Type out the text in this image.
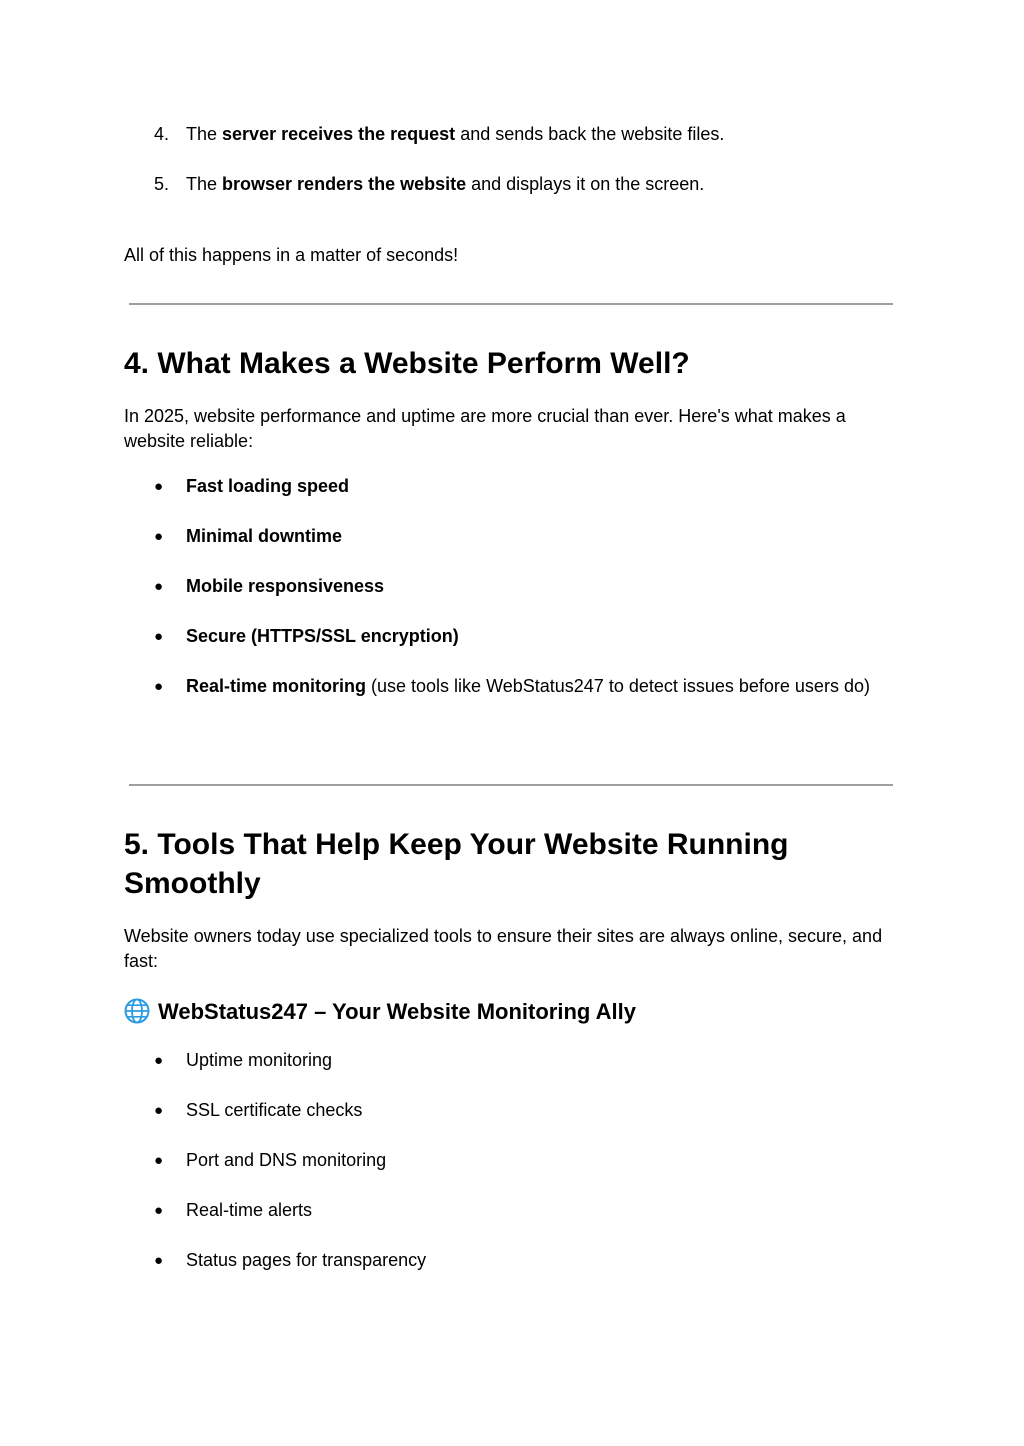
4. The server receives the request and sends back the website files.
5. The browser renders the website and displays it on the screen.
All of this happens in a matter of seconds!
4. What Makes a Website Perform Well?
In 2025, website performance and uptime are more crucial than ever. Here's what makes a website reliable:
● Fast loading speed
● Minimal downtime
● Mobile responsiveness
● Secure (HTTPS/SSL encryption)
● Real-time monitoring (use tools like WebStatus247 to detect issues before users do)
5. Tools That Help Keep Your Website Running Smoothly
Website owners today use specialized tools to ensure their sites are always online, secure, and fast:
WebStatus247 – Your Website Monitoring Ally
● Uptime monitoring
● SSL certificate checks
● Port and DNS monitoring
● Real-time alerts
● Status pages for transparency
